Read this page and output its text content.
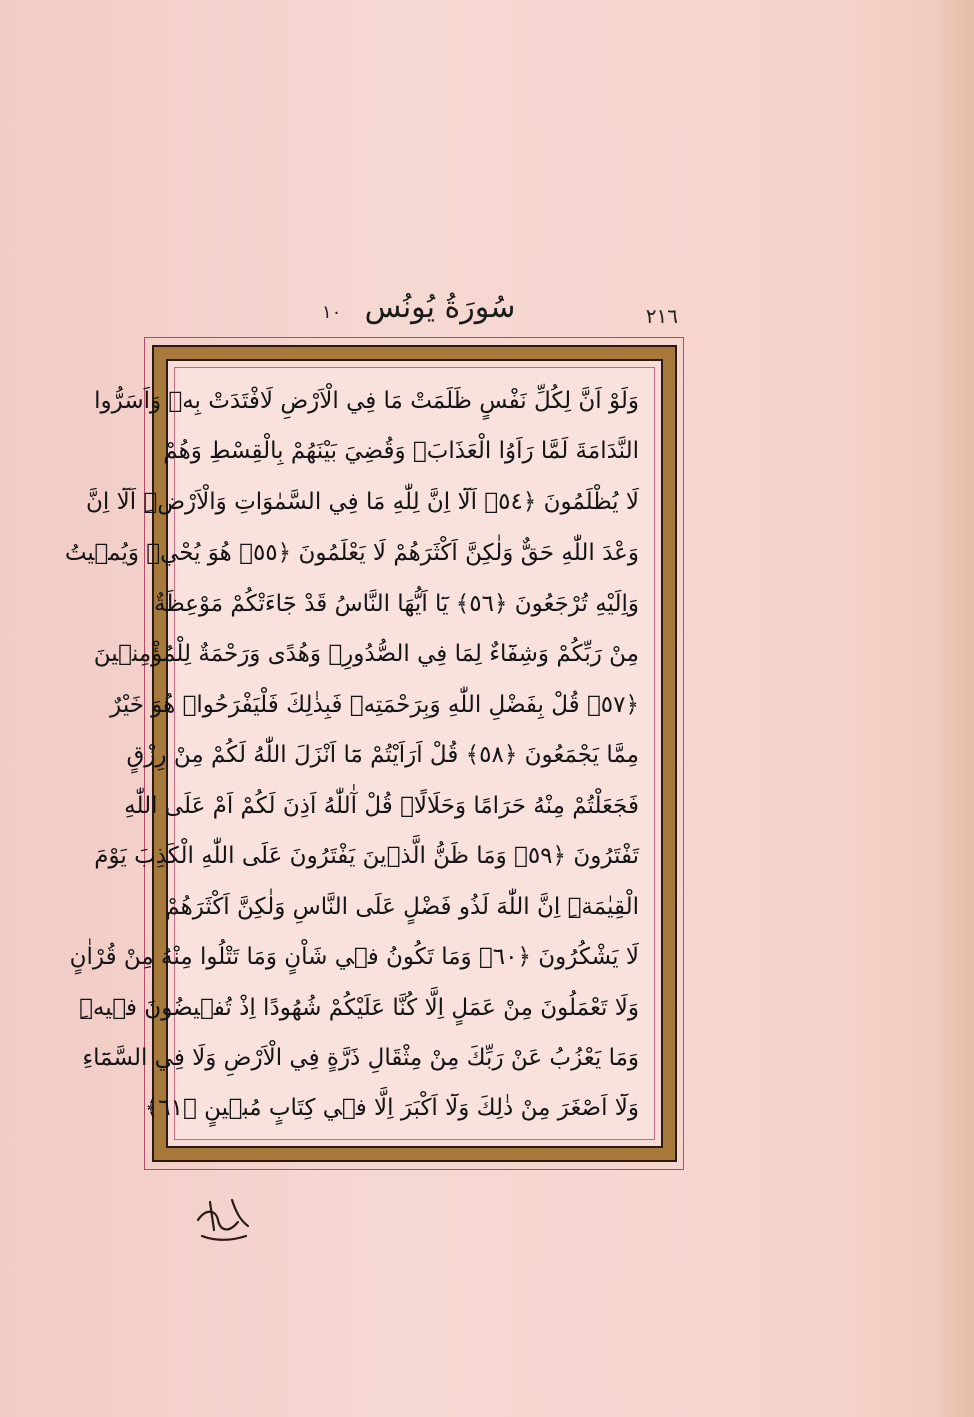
٢١٦
سُورَةُ يُونُس
١٠
وَلَوْ اَنَّ لِكُلِّ نَفْسٍ ظَلَمَتْ مَا فِي الْاَرْضِ لَافْتَدَتْ بِهٖ وَاَسَرُّوا
النَّدَامَةَ لَمَّا رَاَوُا الْعَذَابَۚ وَقُضِيَ بَيْنَهُمْ بِالْقِسْطِ وَهُمْ
لَا يُظْلَمُونَ ﴿٥٤﴾ اَلَٓا اِنَّ لِلّٰهِ مَا فِي السَّمٰوَاتِ وَالْاَرْضِۜ اَلَٓا اِنَّ
وَعْدَ اللّٰهِ حَقٌّ وَلٰكِنَّ اَكْثَرَهُمْ لَا يَعْلَمُونَ ﴿٥٥﴾ هُوَ يُحْيٖ وَيُمٖيتُ
وَاِلَيْهِ تُرْجَعُونَ ﴿٥٦﴾ يَٓا اَيُّهَا النَّاسُ قَدْ جَٓاءَتْكُمْ مَوْعِظَةٌ
مِنْ رَبِّكُمْ وَشِفَٓاءٌ لِمَا فِي الصُّدُورِۙ وَهُدًى وَرَحْمَةٌ لِلْمُؤْمِنٖينَ
﴿٥٧﴾ قُلْ بِفَضْلِ اللّٰهِ وَبِرَحْمَتِهٖ فَبِذٰلِكَ فَلْيَفْرَحُواۜ هُوَ خَيْرٌ
مِمَّا يَجْمَعُونَ ﴿٥٨﴾ قُلْ اَرَاَيْتُمْ مَٓا اَنْزَلَ اللّٰهُ لَكُمْ مِنْ رِزْقٍ
فَجَعَلْتُمْ مِنْهُ حَرَامًا وَحَلَالًاۜ قُلْ آٰللّٰهُ اَذِنَ لَكُمْ اَمْ عَلَى اللّٰهِ
تَفْتَرُونَ ﴿٥٩﴾ وَمَا ظَنُّ الَّذٖينَ يَفْتَرُونَ عَلَى اللّٰهِ الْكَذِبَ يَوْمَ
الْقِيٰمَةِۜ اِنَّ اللّٰهَ لَذُو فَضْلٍ عَلَى النَّاسِ وَلٰكِنَّ اَكْثَرَهُمْ
لَا يَشْكُرُونَ ﴿٦٠﴾ وَمَا تَكُونُ فٖي شَاْنٍ وَمَا تَتْلُوا مِنْهُ مِنْ قُرْاٰنٍ
وَلَا تَعْمَلُونَ مِنْ عَمَلٍ اِلَّا كُنَّا عَلَيْكُمْ شُهُودًا اِذْ تُفٖيضُونَ فٖيهِۜ
وَمَا يَعْزُبُ عَنْ رَبِّكَ مِنْ مِثْقَالِ ذَرَّةٍ فِي الْاَرْضِ وَلَا فِي السَّمَٓاءِ
وَلَٓا اَصْغَرَ مِنْ ذٰلِكَ وَلَٓا اَكْبَرَ اِلَّا فٖي كِتَابٍ مُبٖينٍ ﴿٦١﴾
